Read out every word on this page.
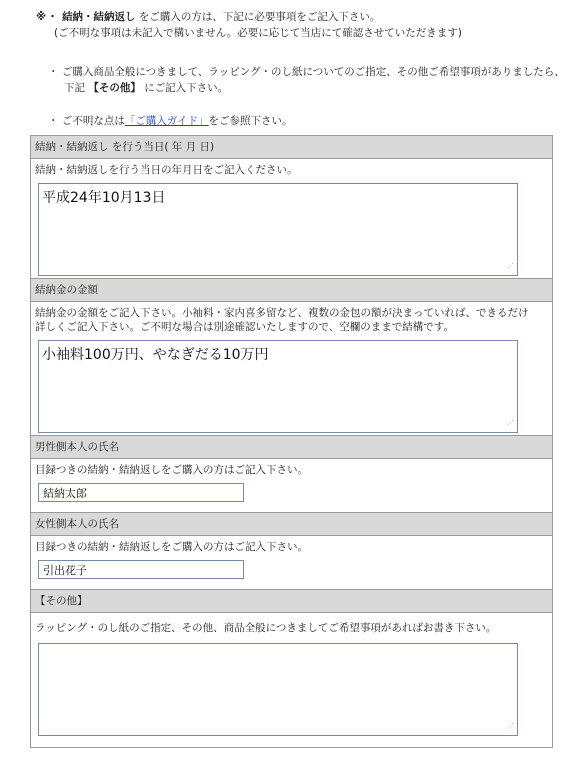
※・ 結納・結納返し をご購入の方は、下記に必要事項をご記入下さい。
(ご不明な事項は未記入で構いません。必要に応じて当店にて確認させていただきます)
・ ご購入商品全般につきまして、ラッピング・のし紙についてのご指定、その他ご希望事項がありましたら、
下記 【その他】 にご記入下さい。
・ ご不明な点は「ご購入ガイド」をご参照下さい。
結納・結納返し を行う当日( 年 月 日)
結納・結納返しを行う当日の年月日をご記入ください。
平成24年10月13日
⋰
結納金の金額
結納金の金額をご記入下さい。小袖料・家内喜多留など、複数の金包の額が決まっていれば、できるだけ
詳しくご記入下さい。ご不明な場合は別途確認いたしますので、空欄のままで結構です。
小袖料100万円、やなぎだる10万円
⋰
男性側本人の氏名
目録つきの結納・結納返しをご購入の方はご記入下さい。
結納太郎
女性側本人の氏名
目録つきの結納・結納返しをご購入の方はご記入下さい。
引出花子
【その他】
ラッピング・のし紙のご指定、その他、商品全般につきましてご希望事項があればお書き下さい。
⋰
